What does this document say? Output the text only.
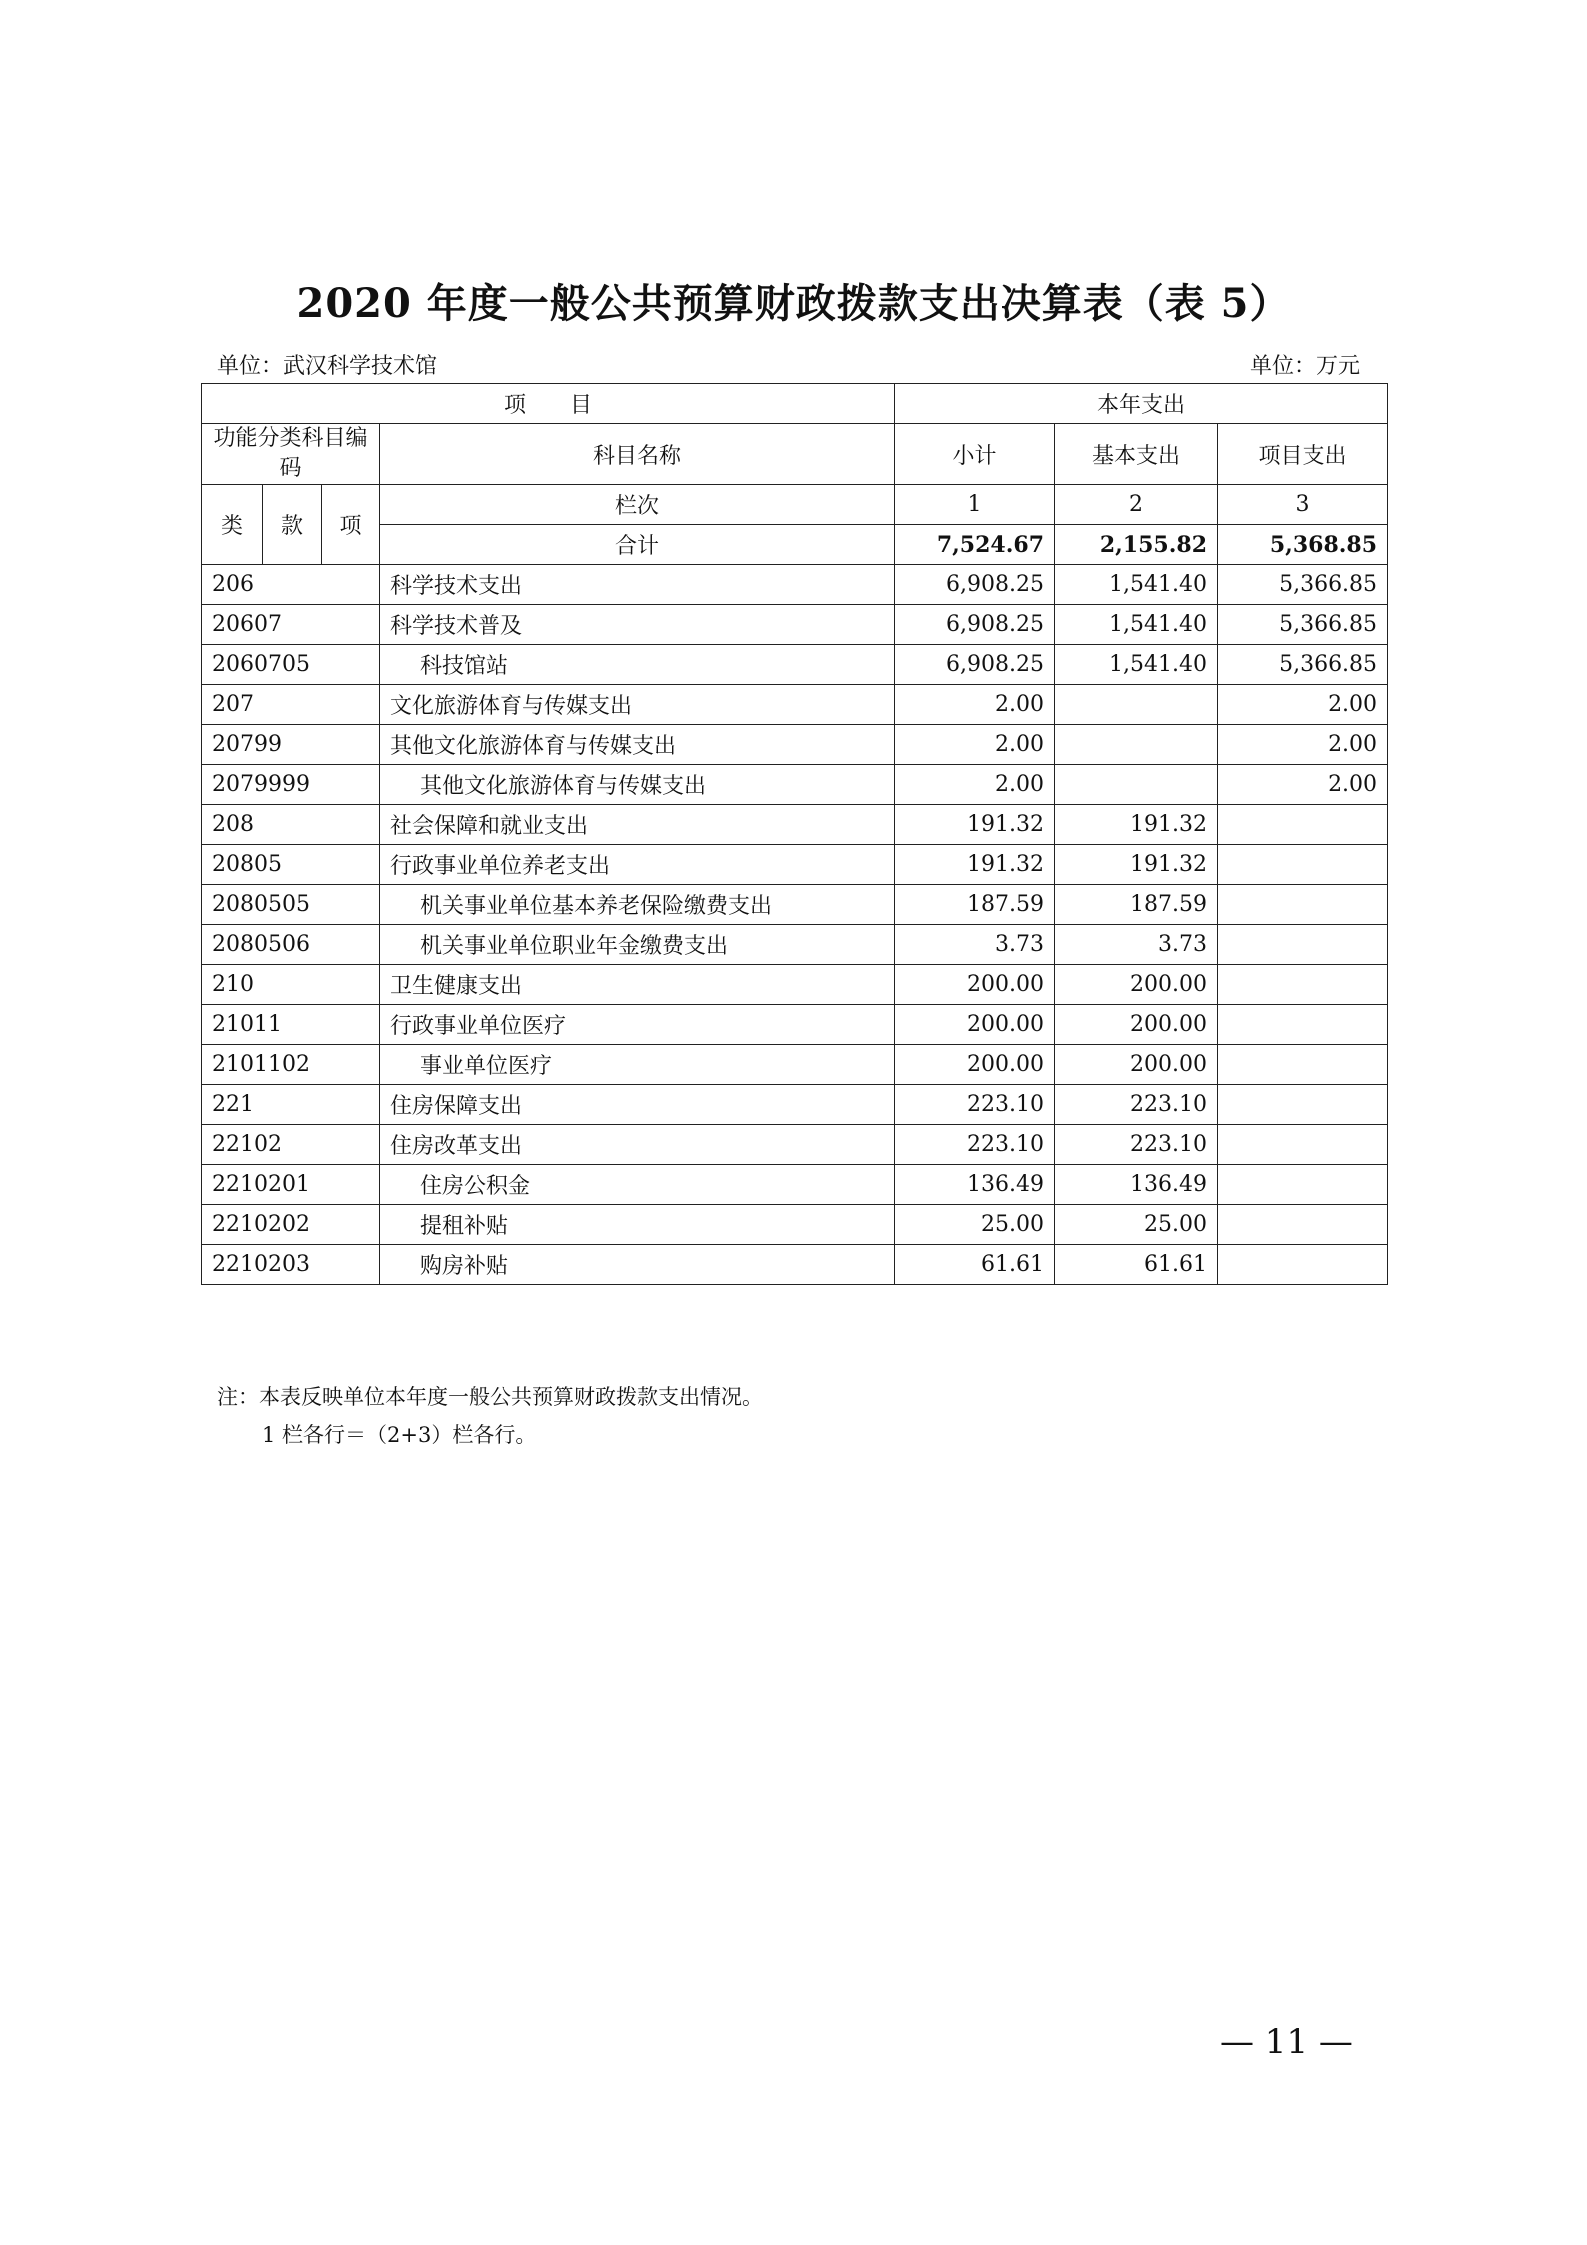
2020 年度一般公共预算财政拨款支出决算表（表 5）
单位：武汉科学技术馆	单位：万元
项　　目				本年支出		
功能分类科目编码			科目名称	小计	基本支出	项目支出
类	款	项	栏次	1	2	3
			合计	7,524.67	2,155.82	5,368.85
206			科学技术支出	6,908.25	1,541.40	5,366.85
20607			科学技术普及	6,908.25	1,541.40	5,366.85
2060705			科技馆站	6,908.25	1,541.40	5,366.85
207			文化旅游体育与传媒支出	2.00		2.00
20799			其他文化旅游体育与传媒支出	2.00		2.00
2079999			其他文化旅游体育与传媒支出	2.00		2.00
208			社会保障和就业支出	191.32	191.32	
20805			行政事业单位养老支出	191.32	191.32	
2080505			机关事业单位基本养老保险缴费支出	187.59	187.59	
2080506			机关事业单位职业年金缴费支出	3.73	3.73	
210			卫生健康支出	200.00	200.00	
21011			行政事业单位医疗	200.00	200.00	
2101102			事业单位医疗	200.00	200.00	
221			住房保障支出	223.10	223.10	
22102			住房改革支出	223.10	223.10	
2210201			住房公积金	136.49	136.49	
2210202			提租补贴	25.00	25.00	
2210203			购房补贴	61.61	61.61	
注：本表反映单位本年度一般公共预算财政拨款支出情况。
1 栏各行＝（2+3）栏各行。
— 11 —
